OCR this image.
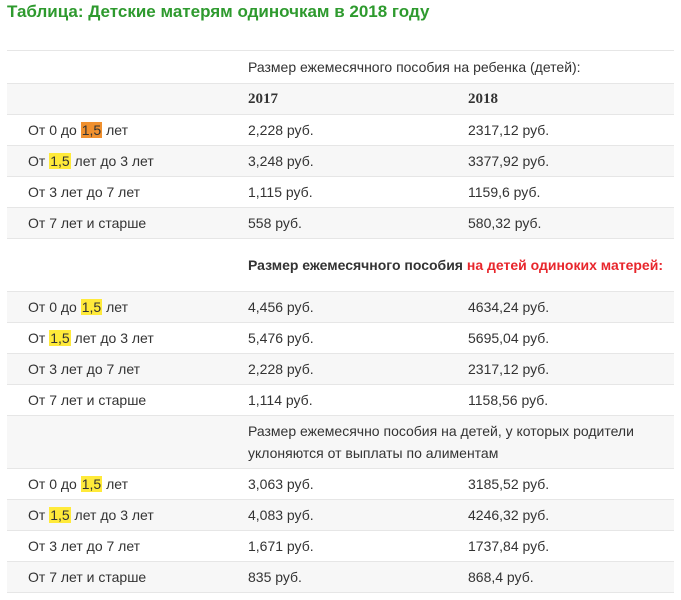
Таблица: Детские матерям одиночкам в 2018 году
	Размер ежемесячного пособия на ребенка (детей):	
	2017	2018
От 0 до 1,5 лет	2,228 руб.	2317,12 руб.
От 1,5 лет до 3 лет	3,248 руб.	3377,92 руб.
От 3 лет до 7 лет	1,115 руб.	1159,6 руб.
От 7 лет и старше	558 руб.	580,32 руб.
	Размер ежемесячного пособия на детей одиноких матерей:	
От 0 до 1,5 лет	4,456 руб.	4634,24 руб.
От 1,5 лет до 3 лет	5,476 руб.	5695,04 руб.
От 3 лет до 7 лет	2,228 руб.	2317,12 руб.
От 7 лет и старше	1,114 руб.	1158,56 руб.
	Размер ежемесячно пособия на детей, у которых родители уклоняются от выплаты по алиментам	
От 0 до 1,5 лет	3,063 руб.	3185,52 руб.
От 1,5 лет до 3 лет	4,083 руб.	4246,32 руб.
От 3 лет до 7 лет	1,671 руб.	1737,84 руб.
От 7 лет и старше	835 руб.	868,4 руб.
